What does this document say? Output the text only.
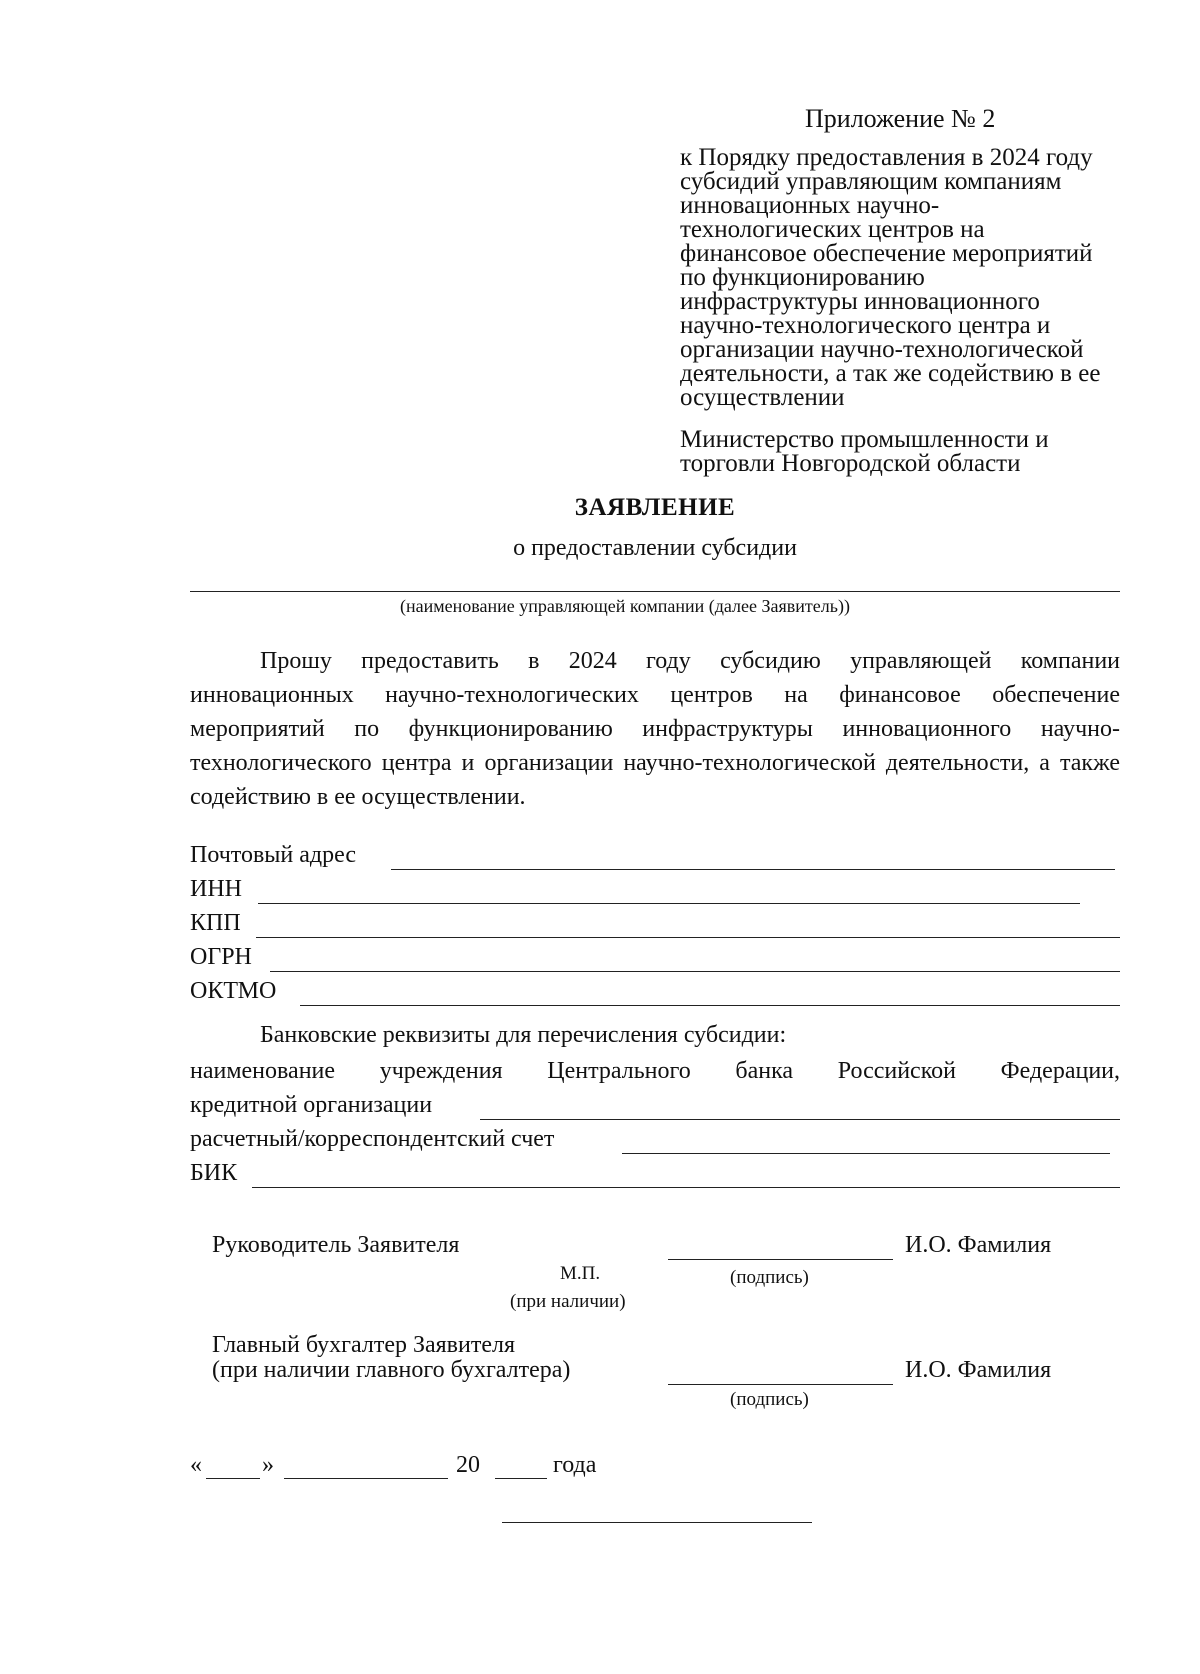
Приложение № 2
к Порядку предоставления в 2024 году
субсидий управляющим компаниям
инновационных научно-
технологических центров на
финансовое обеспечение мероприятий
по функционированию
инфраструктуры инновационного
научно-технологического центра и
организации научно-технологической
деятельности, а так же содействию в ее
осуществлении
Министерство промышленности и
торговли Новгородской области
ЗАЯВЛЕНИЕ
о предоставлении субсидии
(наименование управляющей компании (далее Заявитель))
Прошу предоставить в 2024 году субсидию управляющей компании инновационных научно-технологических центров на финансовое обеспечение мероприятий по функционированию инфраструктуры инновационного научно-технологического центра и организации научно-технологической деятельности, а также содействию в ее осуществлении.
Почтовый адрес
ИНН
КПП
ОГРН
ОКТМО
Банковские реквизиты для перечисления субсидии:
наименование учреждения Центрального банка Российской Федерации,
кредитной организации
расчетный/корреспондентский счет
БИК
Руководитель Заявителя	И.О. Фамилия
М.П.	(подпись)
(при наличии)
Главный бухгалтер Заявителя
(при наличии главного бухгалтера)	И.О. Фамилия
(подпись)
«	»	20	года
